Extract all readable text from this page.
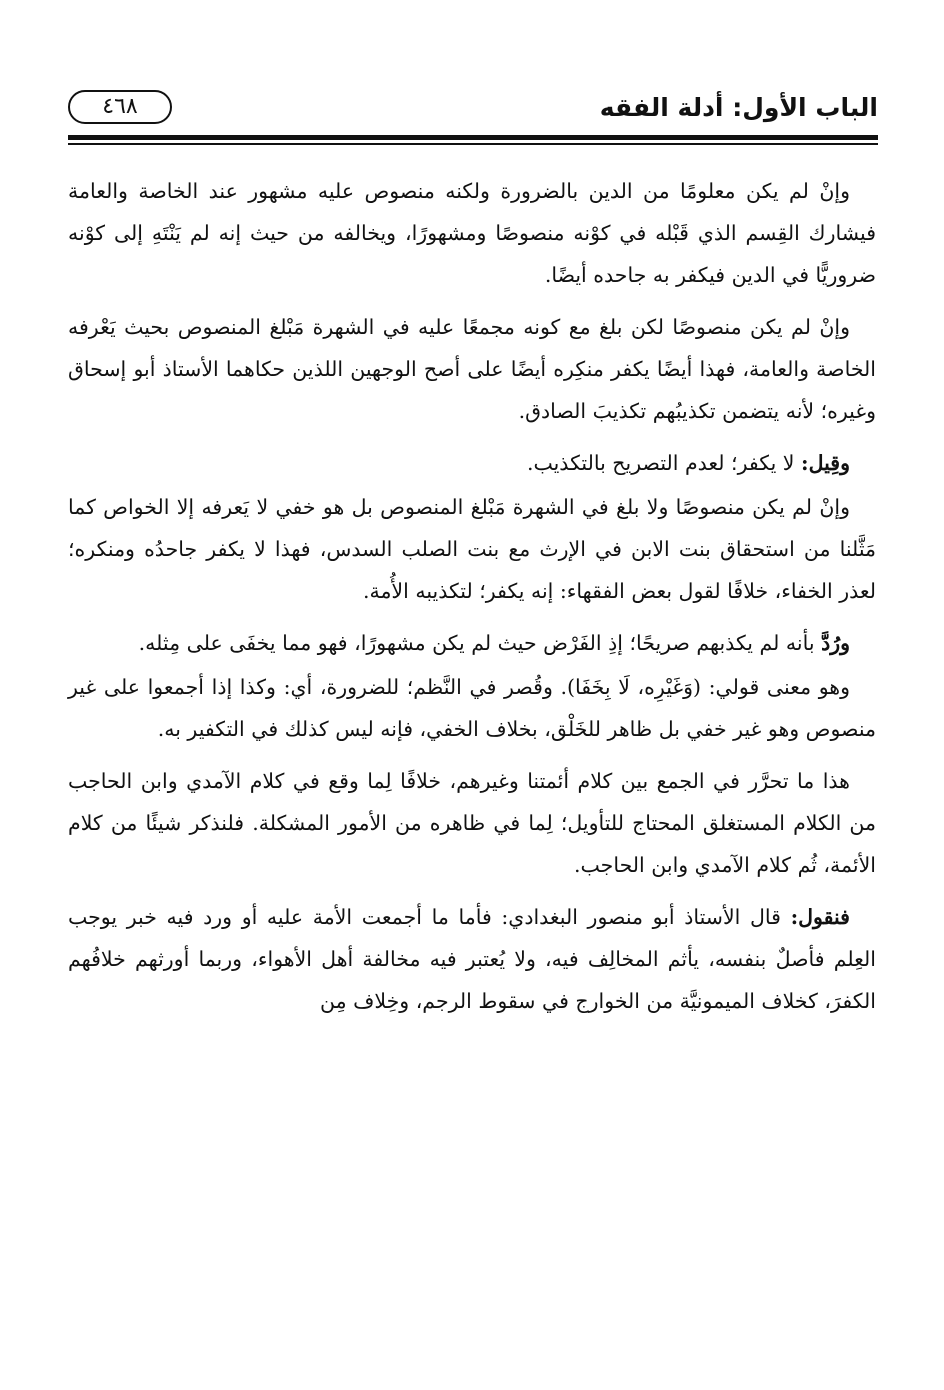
الباب الأول: أدلة الفقه
٤٦٨

وإنْ لم يكن معلومًا من الدين بالضرورة ولكنه منصوص عليه مشهور عند الخاصة والعامة فيشارك القِسم الذي قَبْله في كوْنه منصوصًا ومشهورًا، ويخالفه من حيث إنه لم يَنْتَهِ إلى كوْنه ضروريًّا في الدين فيكفر به جاحده أيضًا.

وإنْ لم يكن منصوصًا لكن بلغ مع كونه مجمعًا عليه في الشهرة مَبْلغ المنصوص بحيث يَعْرفه الخاصة والعامة، فهذا أيضًا يكفر منكِره أيضًا على أصح الوجهين اللذين حكاهما الأستاذ أبو إسحاق وغيره؛ لأنه يتضمن تكذيبُهم تكذيبَ الصادق.

وقِيل: لا يكفر؛ لعدم التصريح بالتكذيب.

وإنْ لم يكن منصوصًا ولا بلغ في الشهرة مَبْلغ المنصوص بل هو خفي لا يَعرفه إلا الخواص كما مَثَّلنا من استحقاق بنت الابن في الإرث مع بنت الصلب السدس، فهذا لا يكفر جاحدُه ومنكره؛ لعذر الخفاء، خلافًا لقول بعض الفقهاء: إنه يكفر؛ لتكذيبه الأُمة.

ورُدَّ بأنه لم يكذبهم صريحًا؛ إذِ الفَرْض حيث لم يكن مشهورًا، فهو مما يخفَى على مِثله.

وهو معنى قولي: (وَغَيْرِه، لَا بِخَفَا). وقُصر في النَّظم؛ للضرورة، أي: وكذا إذا أجمعوا على غير منصوص وهو غير خفي بل ظاهر للخَلْق، بخلاف الخفي، فإنه ليس كذلك في التكفير به.

هذا ما تحرَّر في الجمع بين كلام أئمتنا وغيرهم، خلافًا لِما وقع في كلام الآمدي وابن الحاجب من الكلام المستغلق المحتاج للتأويل؛ لِما في ظاهره من الأمور المشكلة. فلنذكر شيئًا من كلام الأئمة، ثُم كلام الآمدي وابن الحاجب.

فنقول: قال الأستاذ أبو منصور البغدادي: فأما ما أجمعت الأمة عليه أو ورد فيه خبر يوجب العِلم فأصلٌ بنفسه، يأثم المخالِف فيه، ولا يُعتبر فيه مخالفة أهل الأهواء، وربما أورثهم خلافُهم الكفرَ، كخلاف الميمونيَّة من الخوارج في سقوط الرجم، وخِلاف مِن
